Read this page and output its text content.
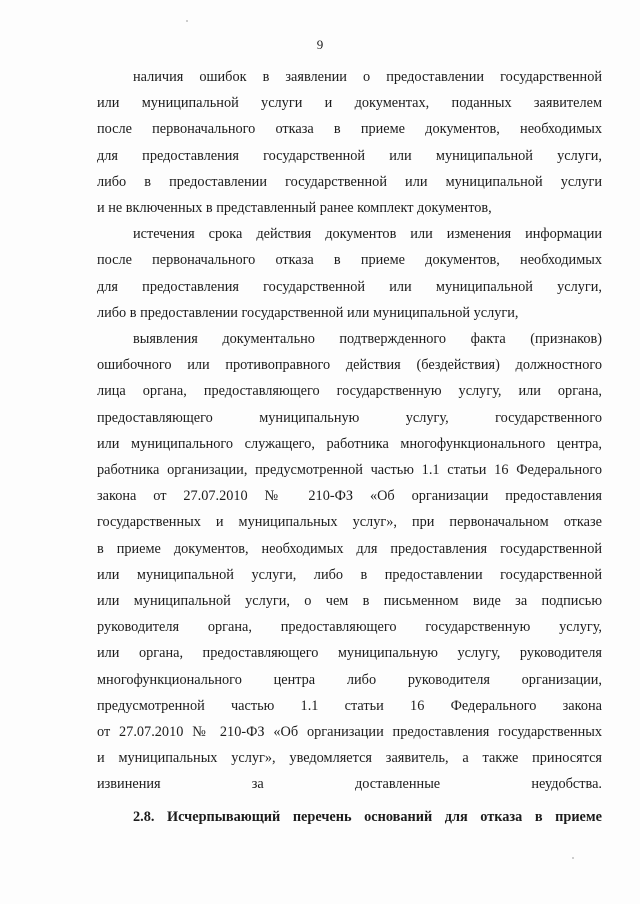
9

наличия ошибок в заявлении о предоставлении государственной
или муниципальной услуги и документах, поданных заявителем
после первоначального отказа в приеме документов, необходимых
для предоставления государственной или муниципальной услуги,
либо в предоставлении государственной или муниципальной услуги
и не включенных в представленный ранее комплект документов,

истечения срока действия документов или изменения информации
после первоначального отказа в приеме документов, необходимых
для предоставления государственной или муниципальной услуги,
либо в предоставлении государственной или муниципальной услуги,

выявления документально подтвержденного факта (признаков)
ошибочного или противоправного действия (бездействия) должностного
лица органа, предоставляющего государственную услугу, или органа,
предоставляющего муниципальную услугу, государственного
или муниципального служащего, работника многофункционального центра,
работника организации, предусмотренной частью 1.1 статьи 16 Федерального
закона от 27.07.2010 № 210-ФЗ «Об организации предоставления
государственных и муниципальных услуг», при первоначальном отказе
в приеме документов, необходимых для предоставления государственной
или муниципальной услуги, либо в предоставлении государственной
или муниципальной услуги, о чем в письменном виде за подписью
руководителя органа, предоставляющего государственную услугу,
или органа, предоставляющего муниципальную услугу, руководителя
многофункционального центра либо руководителя организации,
предусмотренной частью 1.1 статьи 16 Федерального закона
от 27.07.2010 № 210-ФЗ «Об организации предоставления государственных
и муниципальных услуг», уведомляется заявитель, а также приносятся
извинения за доставленные неудобства.

2.8. Исчерпывающий перечень оснований для отказа в приеме
